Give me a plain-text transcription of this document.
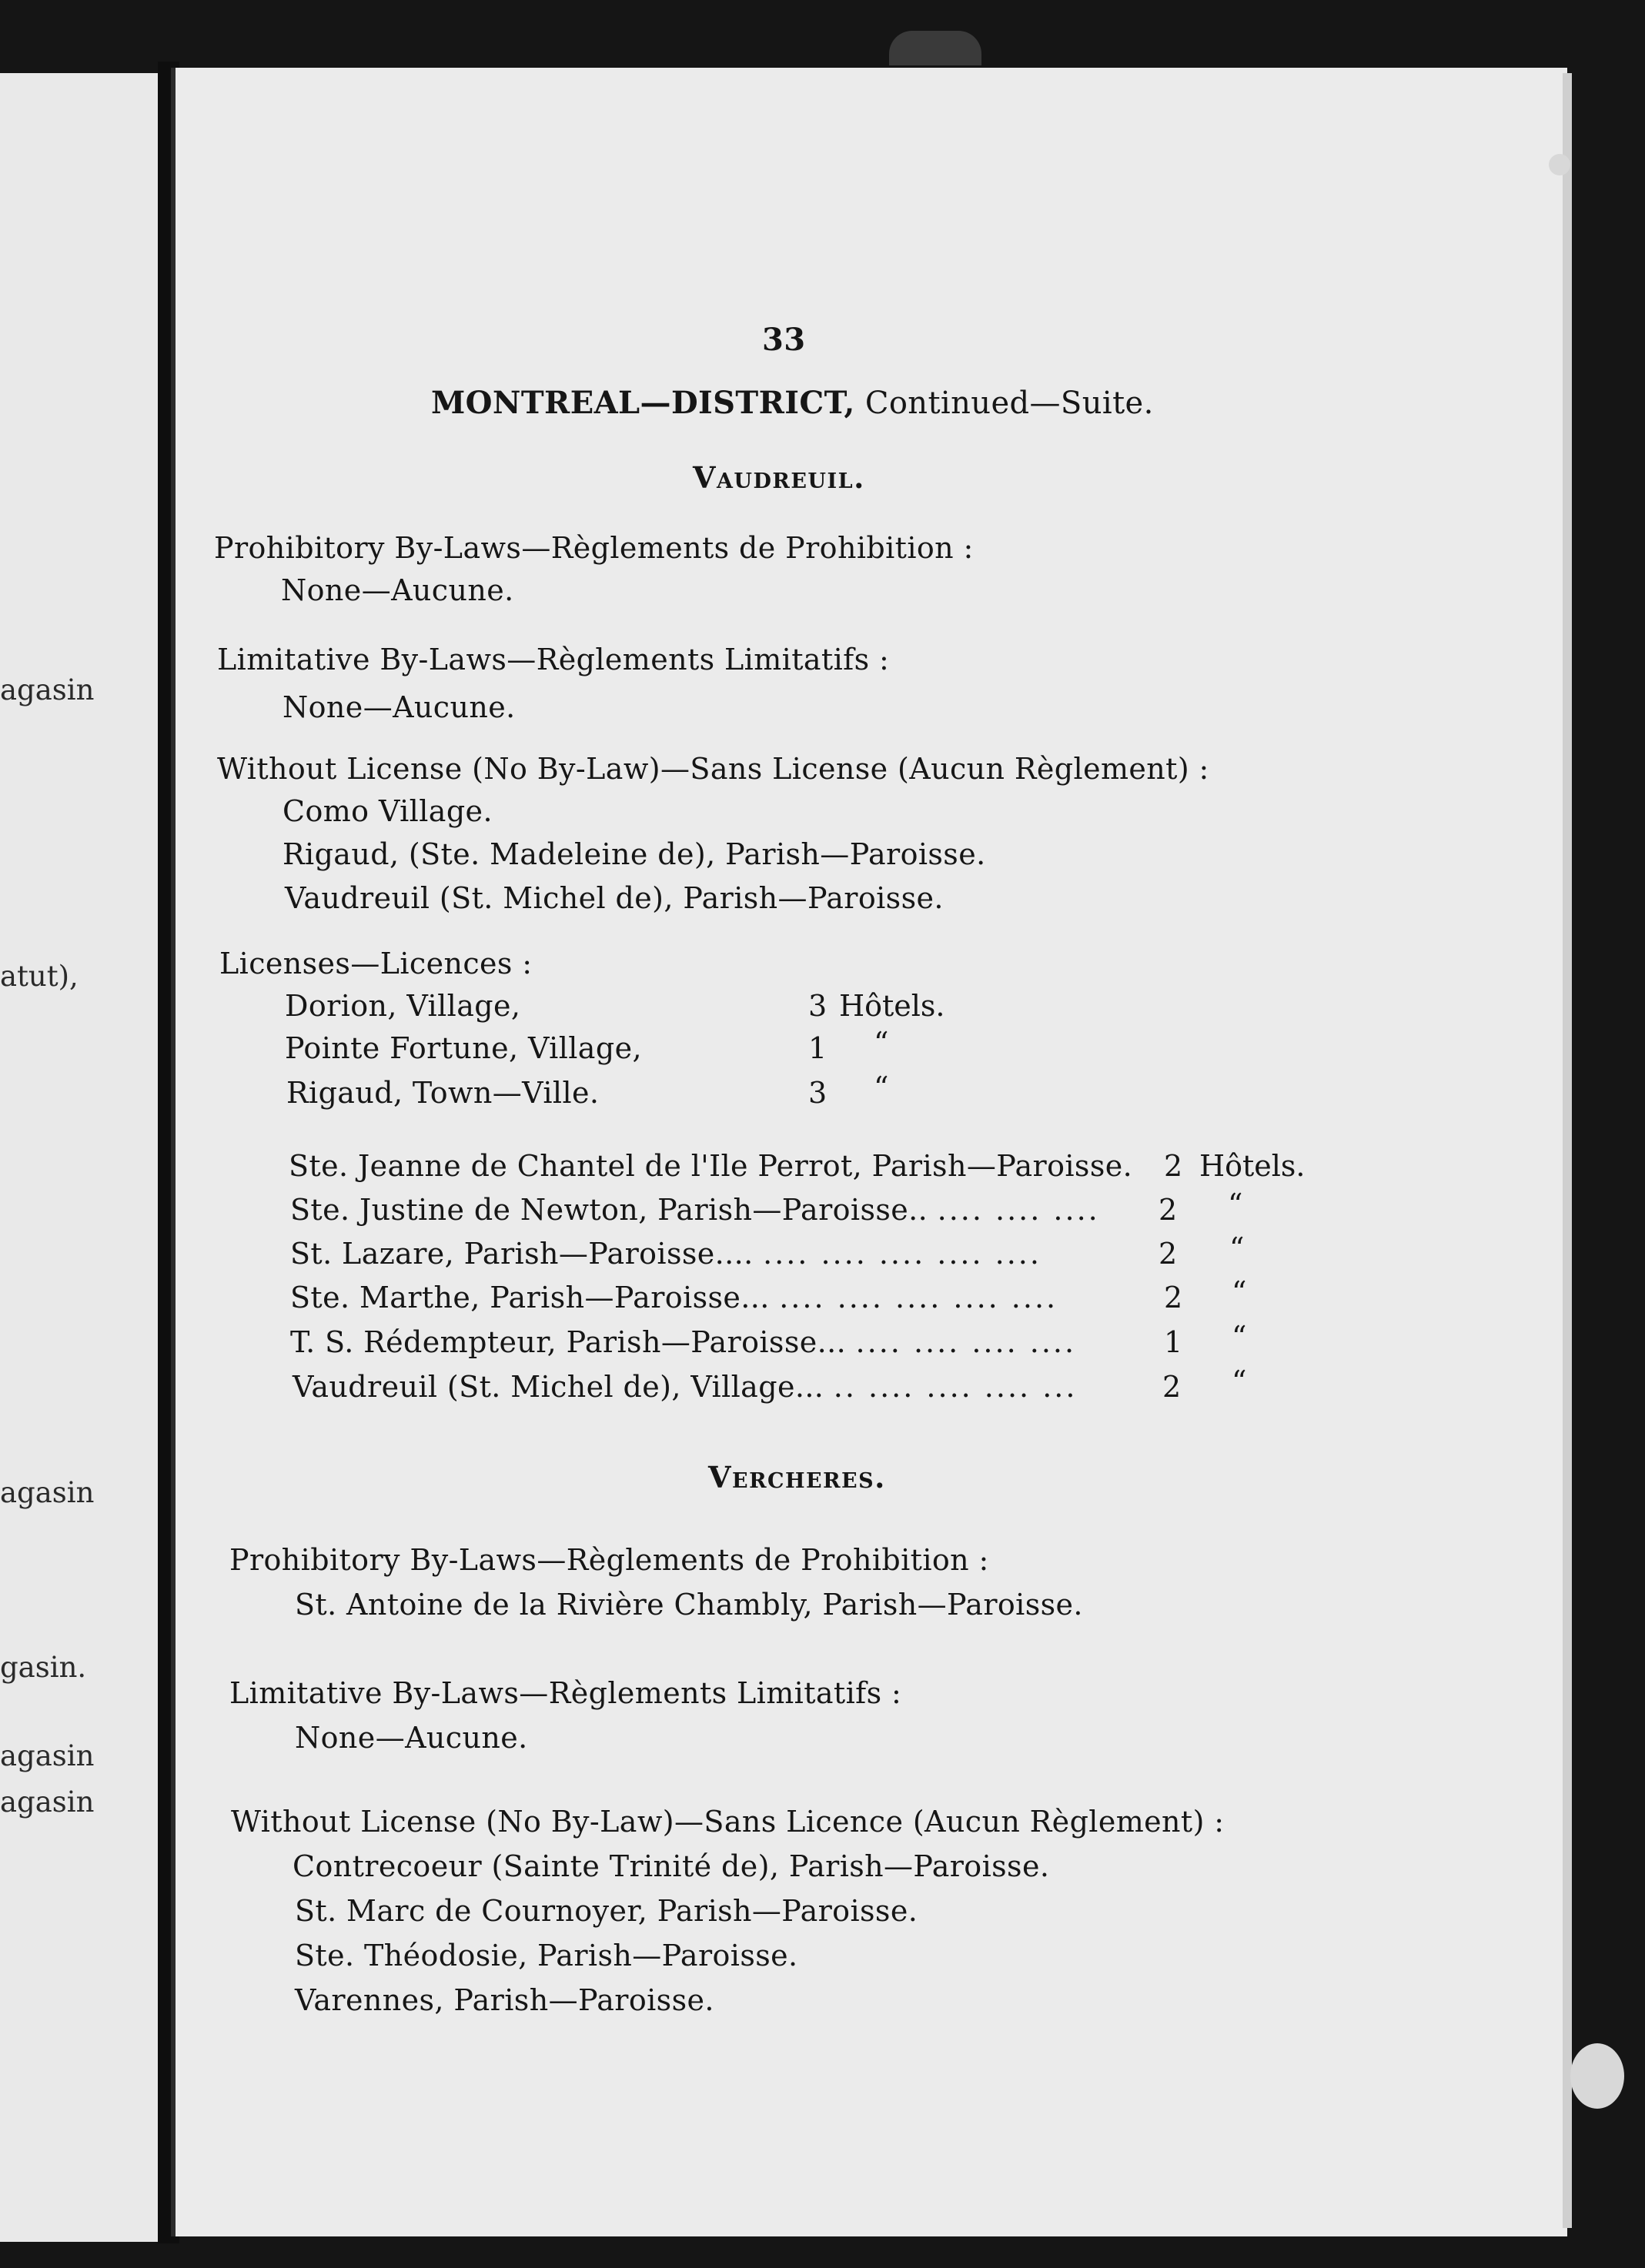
agasin
atut),
agasin
gasin.
agasin
agasin
33
MONTREAL—DISTRICT, Continued—Suite.
Vaudreuil.
Prohibitory By-Laws—Règlements de Prohibition :
None—Aucune.
Limitative By-Laws—Règlements Limitatifs :
None—Aucune.
Without License (No By-Law)—Sans License (Aucun Règlement) :
Como Village.
Rigaud, (Ste. Madeleine de), Parish—Paroisse.
Vaudreuil (St. Michel de), Parish—Paroisse.
Licenses—Licences :
Dorion, Village,	3 Hôtels.
Pointe Fortune, Village,	1 “
Rigaud, Town—Ville.	3 “
Ste. Jeanne de Chantel de l'Ile Perrot, Parish—Paroisse. 2 Hôtels.
Ste. Justine de Newton, Parish—Paroisse.. .... .... .... 2 “
St. Lazare, Parish—Paroisse.... .... .... .... .... ....	2 “
Ste. Marthe, Parish—Paroisse... .... .... .... .... ....	2 “
T. S. Rédempteur, Parish—Paroisse... .... .... .... ....	1 “
Vaudreuil (St. Michel de), Village... .. .... .... .... ...	2 “
Vercheres.
Prohibitory By-Laws—Règlements de Prohibition :
St. Antoine de la Rivière Chambly, Parish—Paroisse.
Limitative By-Laws—Règlements Limitatifs :
None—Aucune.
Without License (No By-Law)—Sans Licence (Aucun Règlement) :
Contrecoeur (Sainte Trinité de), Parish—Paroisse.
St. Marc de Cournoyer, Parish—Paroisse.
Ste. Théodosie, Parish—Paroisse.
Varennes, Parish—Paroisse.
